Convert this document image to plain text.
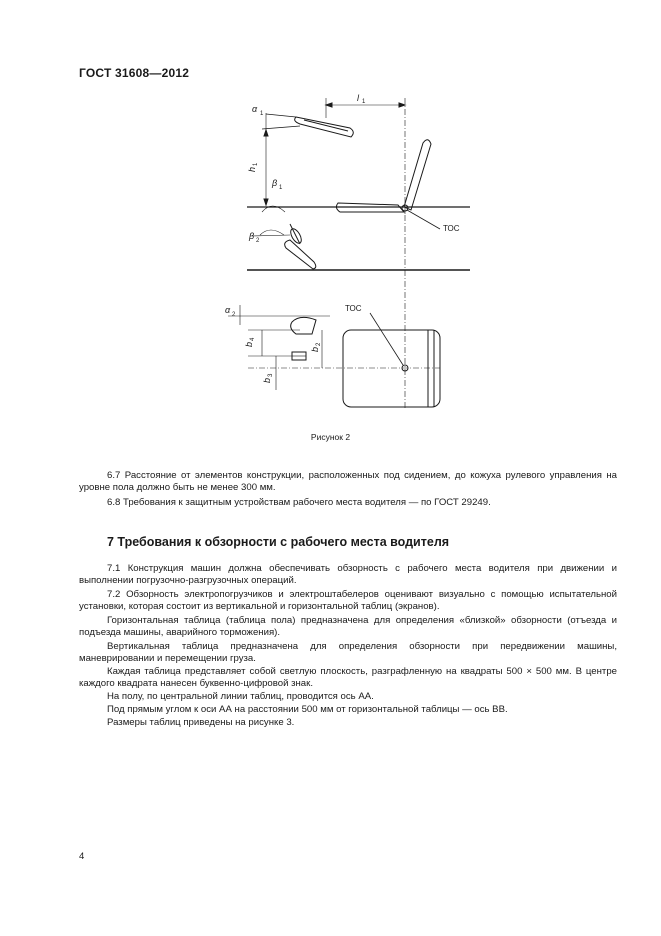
ГОСТ 31608—2012
l 1
α 1
h
1
β 1
β 2
ТОС
ТОС
α 2
b
4
b
2
b
3
Рисунок 2
6.7 Расстояние от элементов конструкции, расположенных под сидением, до кожуха рулевого управления на уровне пола должно быть не менее 300 мм.
6.8 Требования к защитным устройствам рабочего места водителя — по ГОСТ 29249.
7 Требования к обзорности с рабочего места водителя
7.1 Конструкция машин должна обеспечивать обзорность с рабочего места водителя при движении и выполнении погрузочно-разгрузочных операций.
7.2 Обзорность электропогрузчиков и электроштабелеров оценивают визуально с помощью испытательной установки, которая состоит из вертикальной и горизонтальной таблиц (экранов).
Горизонтальная таблица (таблица пола) предназначена для определения «близкой» обзорности (отъезда и подъезда машины, аварийного торможения).
Вертикальная таблица предназначена для определения обзорности при передвижении машины, маневрировании и перемещении груза.
Каждая таблица представляет собой светлую плоскость, разграфленную на квадраты 500 × 500 мм. В центре каждого квадрата нанесен буквенно-цифровой знак.
На полу, по центральной линии таблиц, проводится ось АА.
Под прямым углом к оси АА на расстоянии 500 мм от горизонтальной таблицы — ось ВВ.
Размеры таблиц приведены на рисунке 3.
4
